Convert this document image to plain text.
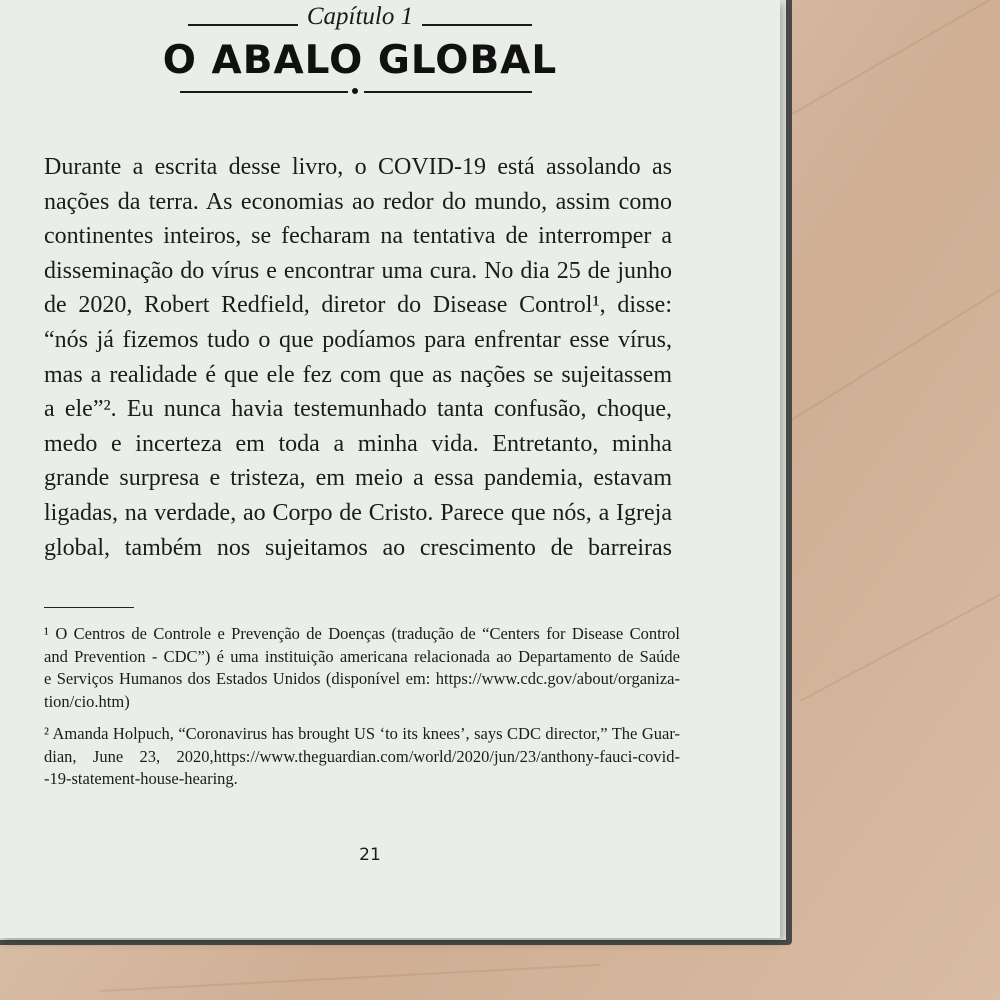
Capítulo 1
O ABALO GLOBAL
Durante a escrita desse livro, o COVID-19 está assolando as
nações da terra. As economias ao redor do mundo, assim como
continentes inteiros, se fecharam na tentativa de interromper a
disseminação do vírus e encontrar uma cura. No dia 25 de junho
de 2020, Robert Redfield, diretor do Disease Control¹, disse:
“nós já fizemos tudo o que podíamos para enfrentar esse vírus,
mas a realidade é que ele fez com que as nações se sujeitassem
a ele”². Eu nunca havia testemunhado tanta confusão, choque,
medo e incerteza em toda a minha vida. Entretanto, minha
grande surpresa e tristeza, em meio a essa pandemia, estavam
ligadas, na verdade, ao Corpo de Cristo. Parece que nós, a Igreja
global, também nos sujeitamos ao crescimento de barreiras
¹ O Centros de Controle e Prevenção de Doenças (tradução de “Centers for Disease Control
and Prevention - CDC”) é uma instituição americana relacionada ao Departamento de Saúde
e Serviços Humanos dos Estados Unidos (disponível em: https://www.cdc.gov/about/organiza-
tion/cio.htm)
² Amanda Holpuch, “Coronavirus has brought US ‘to its knees’, says CDC director,” The Guar-
dian, June 23, 2020,https://www.theguardian.com/world/2020/jun/23/anthony-fauci-covid-
-19-statement-house-hearing.
21
